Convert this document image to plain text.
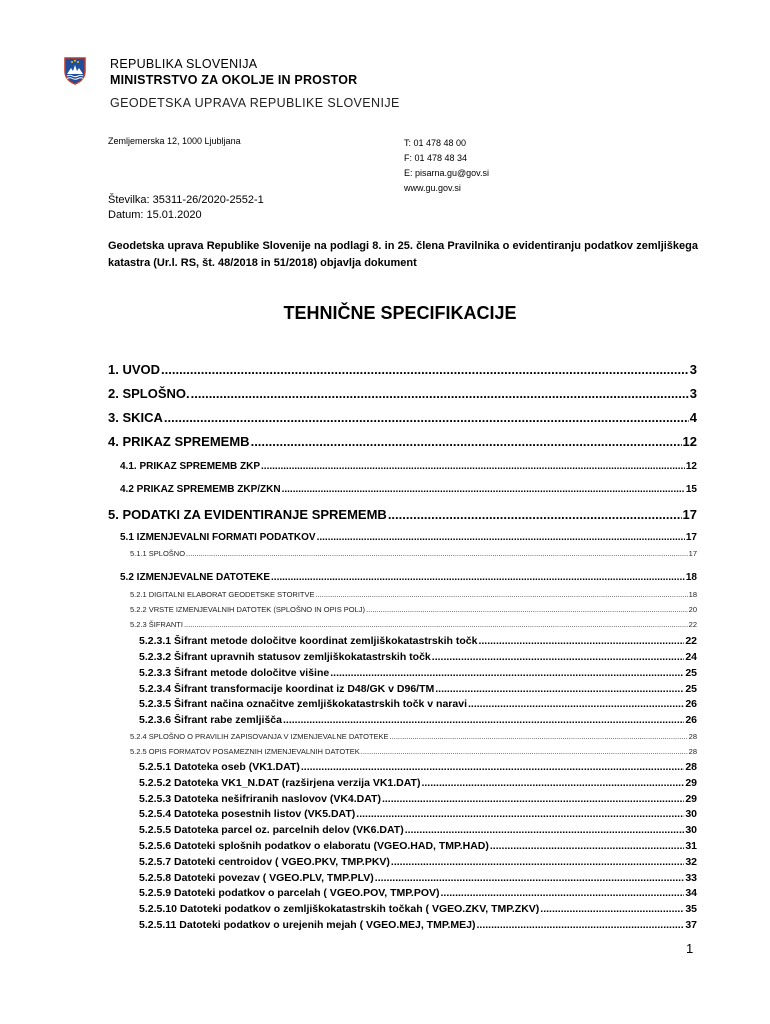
REPUBLIKA SLOVENIJA
MINISTRSTVO ZA OKOLJE IN PROSTOR
GEODETSKA UPRAVA REPUBLIKE SLOVENIJE
Zemljemerska 12, 1000 Ljubljana	T: 01 478 48 00
F: 01 478 48 34
E: pisarna.gu@gov.si
www.gu.gov.si
Številka: 35311-26/2020-2552-1
Datum: 15.01.2020
Geodetska uprava Republike Slovenije na podlagi 8. in 25. člena Pravilnika o evidentiranju podatkov zemljiškega katastra (Ur.l. RS, št. 48/2018 in 51/2018) objavlja dokument
TEHNIČNE SPECIFIKACIJE
1. UVOD .....	3
2. SPLOŠNO. .....	3
3. SKICA .....	4
4. PRIKAZ SPREMEMB .....	12
4.1. PRIKAZ SPREMEMB ZKP .....	12
4.2 PRIKAZ SPREMEMB ZKP/ZKN .....	15
5. PODATKI ZA EVIDENTIRANJE SPREMEMB .....	17
5.1 IZMENJEVALNI FORMATI PODATKOV .....	17
5.1.1 SPLOŠNO .....	17
5.2 IZMENJEVALNE DATOTEKE .....	18
5.2.1 DIGITALNI ELABORAT GEODETSKE STORITVE .....	18
5.2.2 VRSTE IZMENJEVALNIH DATOTEK (SPLOŠNO IN OPIS POLJ) .....	20
5.2.3 ŠIFRANTI .....	22
5.2.3.1 Šifrant metode določitve koordinat zemljiškokatastrskih točk .....	22
5.2.3.2 Šifrant upravnih statusov zemljiškokatastrskih točk .....	24
5.2.3.3 Šifrant metode določitve višine .....	25
5.2.3.4 Šifrant transformacije koordinat iz D48/GK v D96/TM .....	25
5.2.3.5 Šifrant načina označitve zemljiškokatastrskih točk v naravi .....	26
5.2.3.6 Šifrant rabe zemljišča .....	26
5.2.4 SPLOŠNO O PRAVILIH ZAPISOVANJA V IZMENJEVALNE DATOTEKE .....	28
5.2.5 OPIS FORMATOV POSAMEZNIH IZMENJEVALNIH DATOTEK .....	28
5.2.5.1 Datoteka oseb (VK1.DAT) .....	28
5.2.5.2 Datoteka VK1_N.DAT (razširjena verzija VK1.DAT) .....	29
5.2.5.3 Datoteka nešifriranih naslovov (VK4.DAT) .....	29
5.2.5.4 Datoteka posestnih listov (VK5.DAT) .....	30
5.2.5.5 Datoteka parcel oz. parcelnih delov (VK6.DAT) .....	30
5.2.5.6 Datoteki splošnih podatkov o elaboratu (VGEO.HAD, TMP.HAD) .....	31
5.2.5.7 Datoteki centroidov ( VGEO.PKV, TMP.PKV) .....	32
5.2.5.8 Datoteki povezav ( VGEO.PLV, TMP.PLV) .....	33
5.2.5.9 Datoteki podatkov o parcelah ( VGEO.POV, TMP.POV) .....	34
5.2.5.10 Datoteki podatkov o zemljiškokatastrskih točkah ( VGEO.ZKV, TMP.ZKV) .....	35
5.2.5.11 Datoteki podatkov o urejenih mejah ( VGEO.MEJ, TMP.MEJ) .....	37
1
